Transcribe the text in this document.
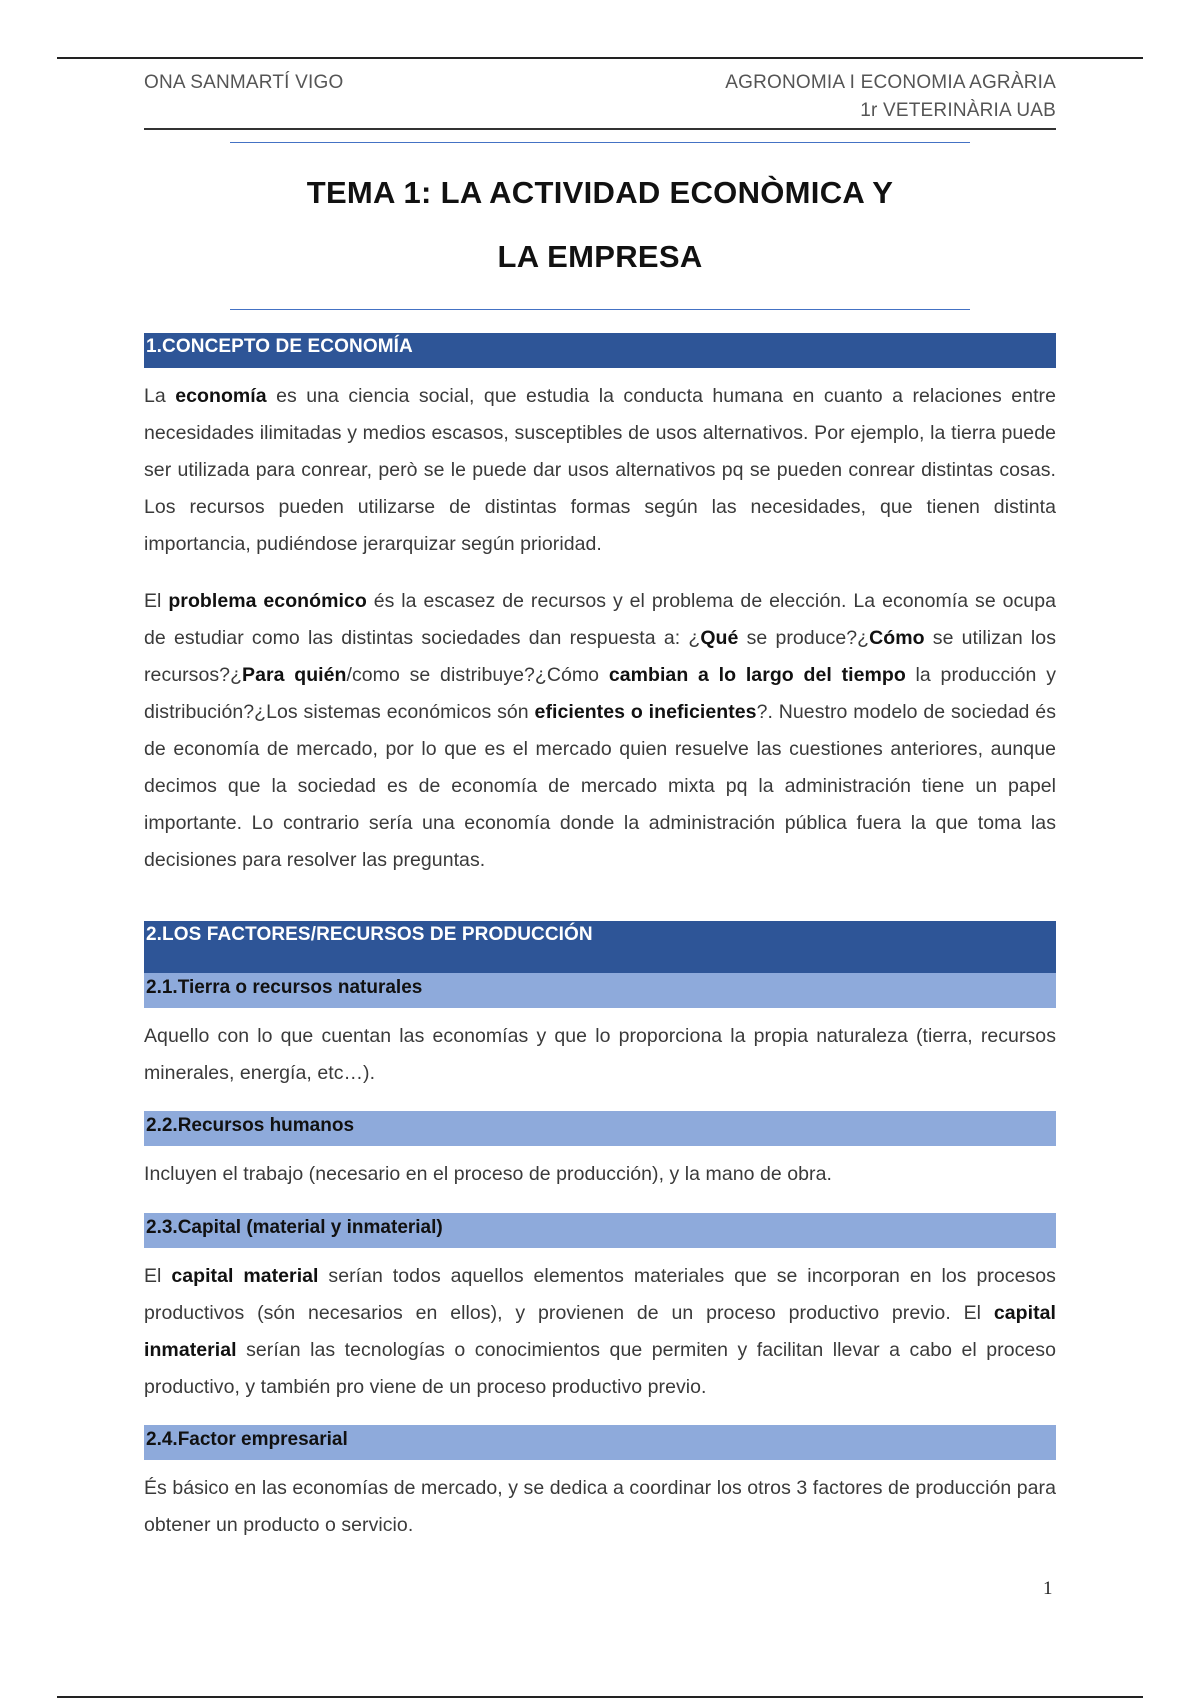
ONA SANMARTÍ VIGO	AGRONOMIA I ECONOMIA AGRÀRIA
1r VETERINÀRIA UAB
TEMA 1: LA ACTIVIDAD ECONÒMICA Y
LA EMPRESA
1.CONCEPTO DE ECONOMÍA

La economía es una ciencia social, que estudia la conducta humana en cuanto a relaciones entre necesidades ilimitadas y medios escasos, susceptibles de usos alternativos. Por ejemplo, la tierra puede ser utilizada para conrear, però se le puede dar usos alternativos pq se pueden conrear distintas cosas. Los recursos pueden utilizarse de distintas formas según las necesidades, que tienen distinta importancia, pudiéndose jerarquizar según prioridad.

El problema económico és la escasez de recursos y el problema de elección. La economía se ocupa de estudiar como las distintas sociedades dan respuesta a: ¿Qué se produce?¿Cómo se utilizan los recursos?¿Para quién/como se distribuye?¿Cómo cambian a lo largo del tiempo la producción y distribución?¿Los sistemas económicos són eficientes o ineficientes?. Nuestro modelo de sociedad és de economía de mercado, por lo que es el mercado quien resuelve las cuestiones anteriores, aunque decimos que la sociedad es de economía de mercado mixta pq la administración tiene un papel importante. Lo contrario sería una economía donde la administración pública fuera la que toma las decisiones para resolver las preguntas.

2.LOS FACTORES/RECURSOS DE PRODUCCIÓN
2.1.Tierra o recursos naturales

Aquello con lo que cuentan las economías y que lo proporciona la propia naturaleza (tierra, recursos minerales, energía, etc…).

2.2.Recursos humanos

Incluyen el trabajo (necesario en el proceso de producción), y la mano de obra.

2.3.Capital (material y inmaterial)

El capital material serían todos aquellos elementos materiales que se incorporan en los procesos productivos (són necesarios en ellos), y provienen de un proceso productivo previo. El capital inmaterial serían las tecnologías o conocimientos que permiten y facilitan llevar a cabo el proceso productivo, y también pro viene de un proceso productivo previo.

2.4.Factor empresarial

És básico en las economías de mercado, y se dedica a coordinar los otros 3 factores de producción para obtener un producto o servicio.

1
